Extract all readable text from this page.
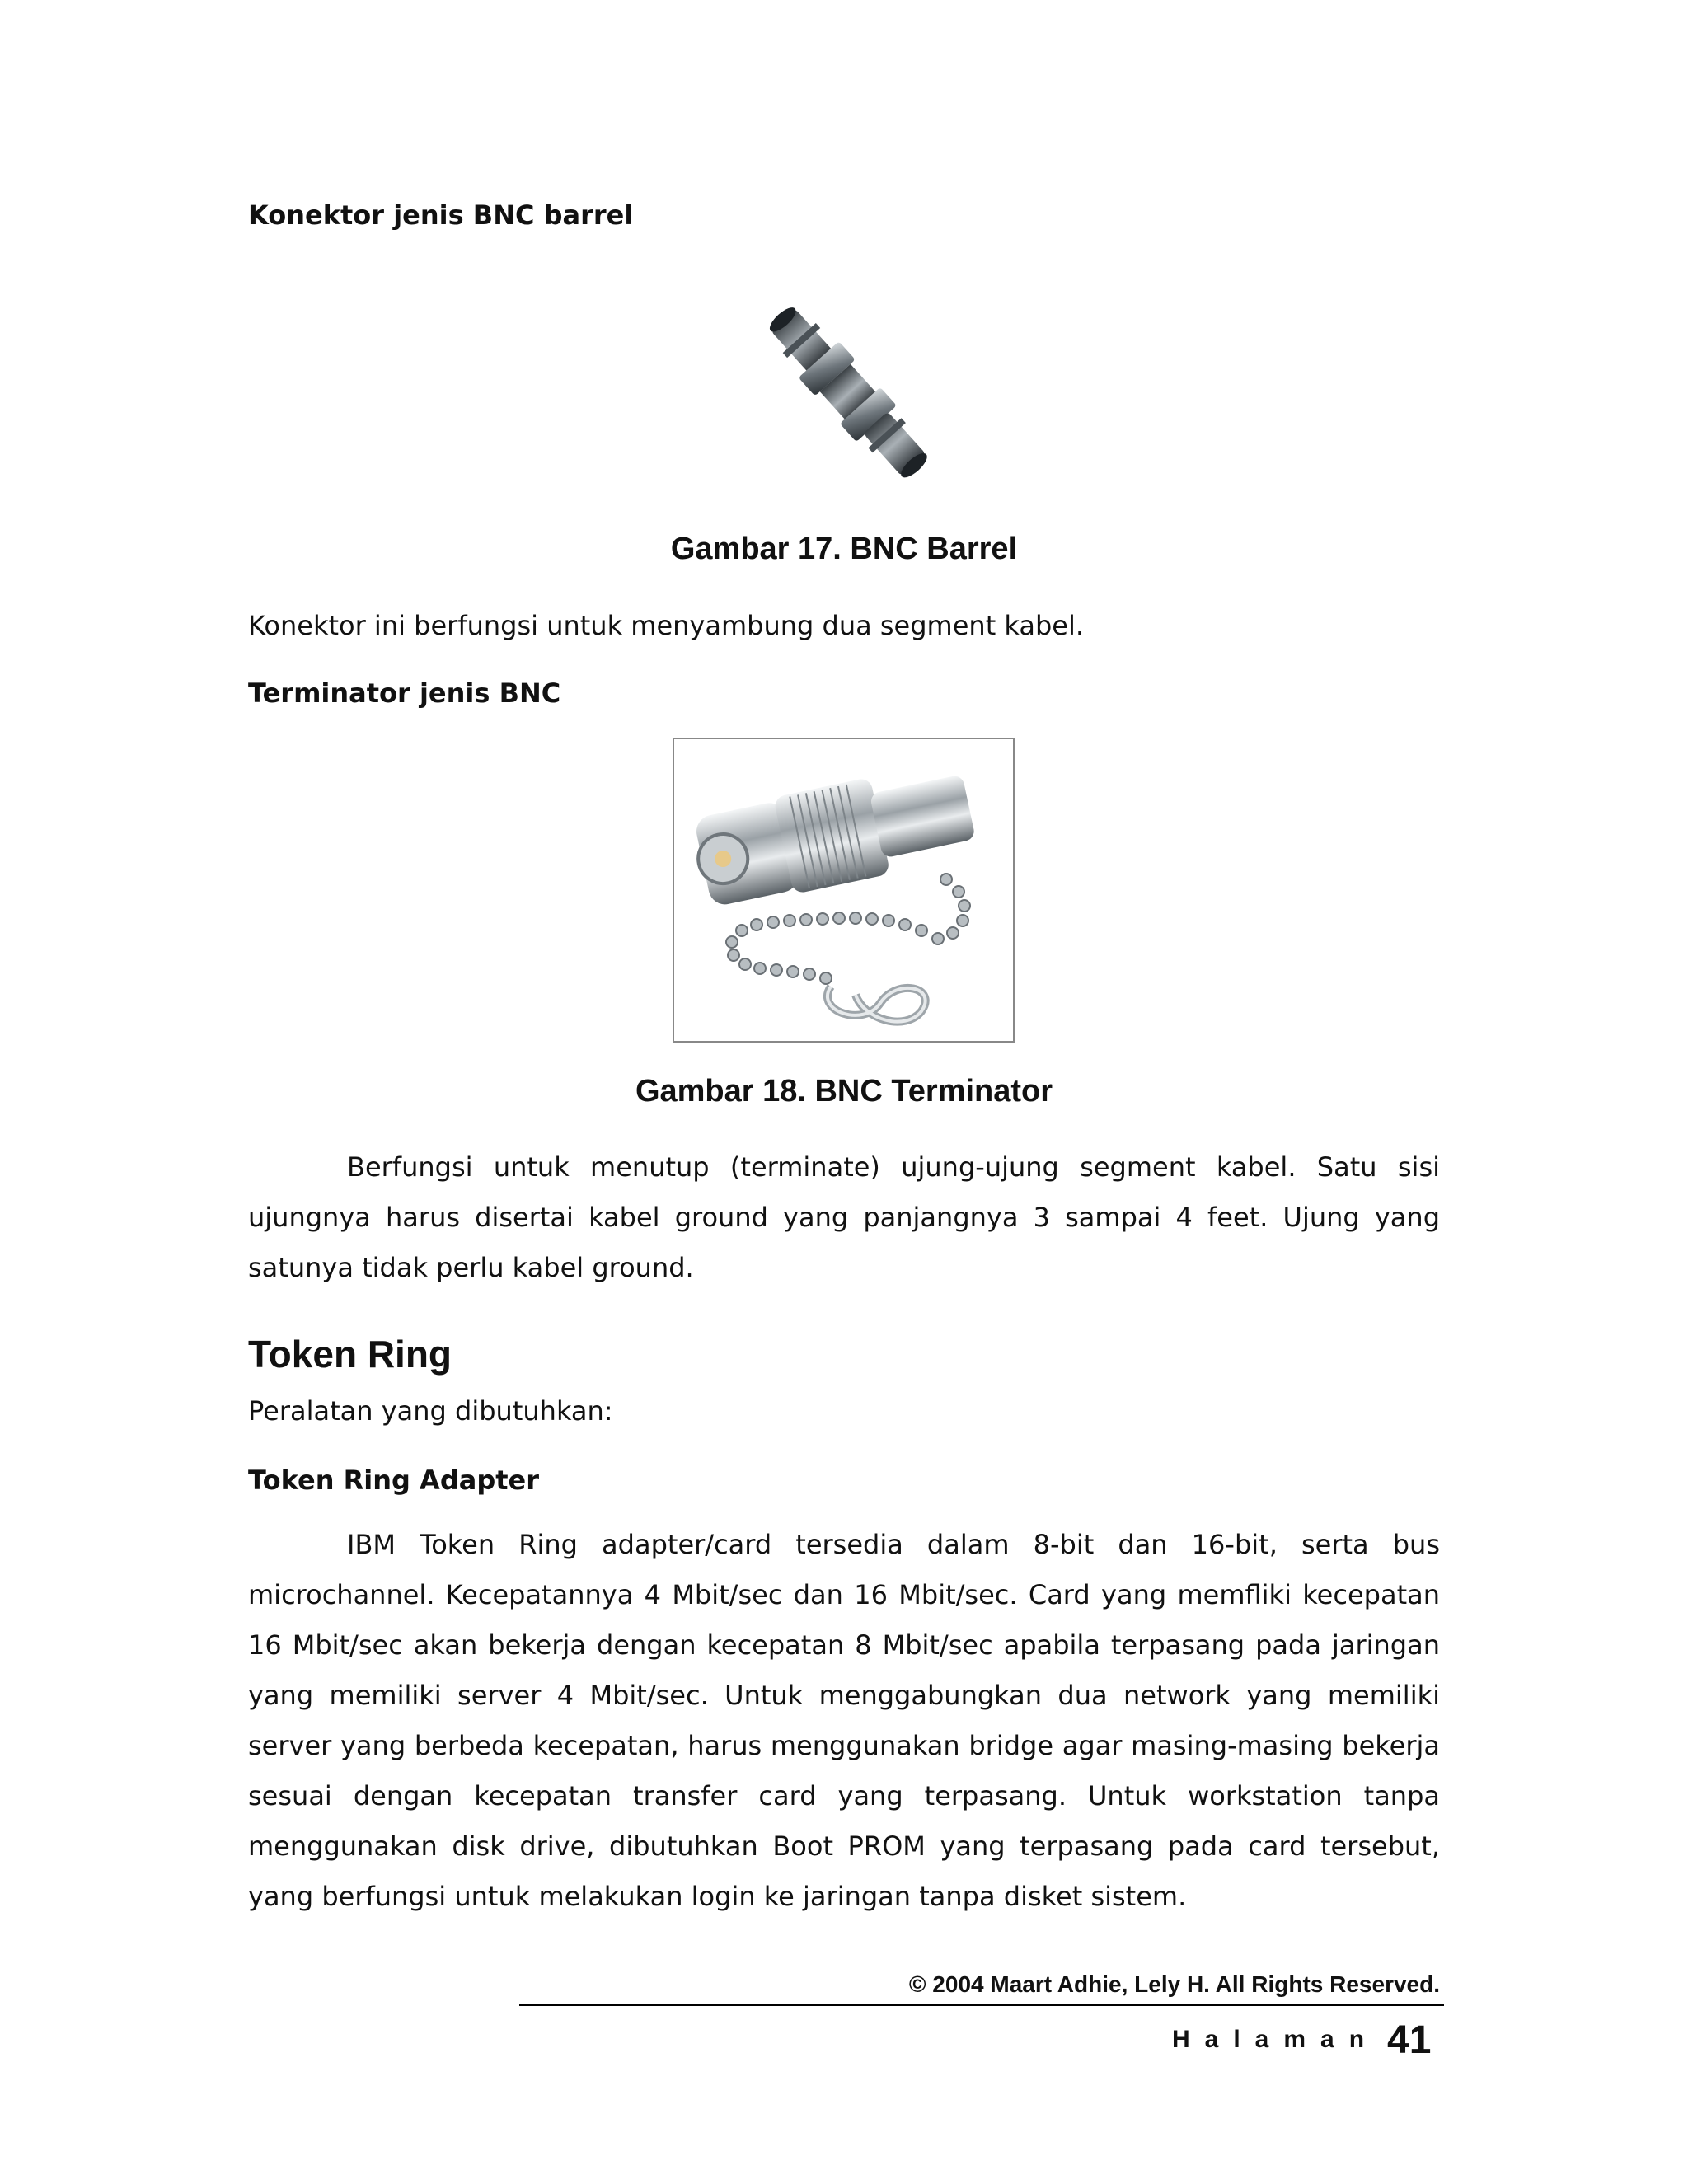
Konektor jenis BNC barrel
Gambar 17. BNC Barrel
Konektor ini berfungsi untuk menyambung dua segment kabel.
Terminator jenis BNC
Gambar 18. BNC Terminator
Berfungsi untuk menutup (terminate) ujung-ujung segment kabel. Satu sisi ujungnya harus disertai kabel ground yang panjangnya 3 sampai 4 feet. Ujung yang satunya tidak perlu kabel ground.
Token Ring
Peralatan yang dibutuhkan:
Token Ring Adapter
IBM Token Ring adapter/card tersedia dalam 8-bit dan 16-bit, serta bus microchannel. Kecepatannya 4 Mbit/sec dan 16 Mbit/sec. Card yang memfliki kecepatan 16 Mbit/sec akan bekerja dengan kecepatan 8 Mbit/sec apabila terpasang pada jaringan yang memiliki server 4 Mbit/sec. Untuk menggabungkan dua network yang memiliki server yang berbeda kecepatan, harus menggunakan bridge agar masing-masing bekerja sesuai dengan kecepatan transfer card yang terpasang. Untuk workstation tanpa menggunakan disk drive, dibutuhkan Boot PROM yang terpasang pada card tersebut, yang berfungsi untuk melakukan login ke jaringan tanpa disket sistem.
© 2004 Maart Adhie, Lely H. All Rights Reserved.
Halaman 41
